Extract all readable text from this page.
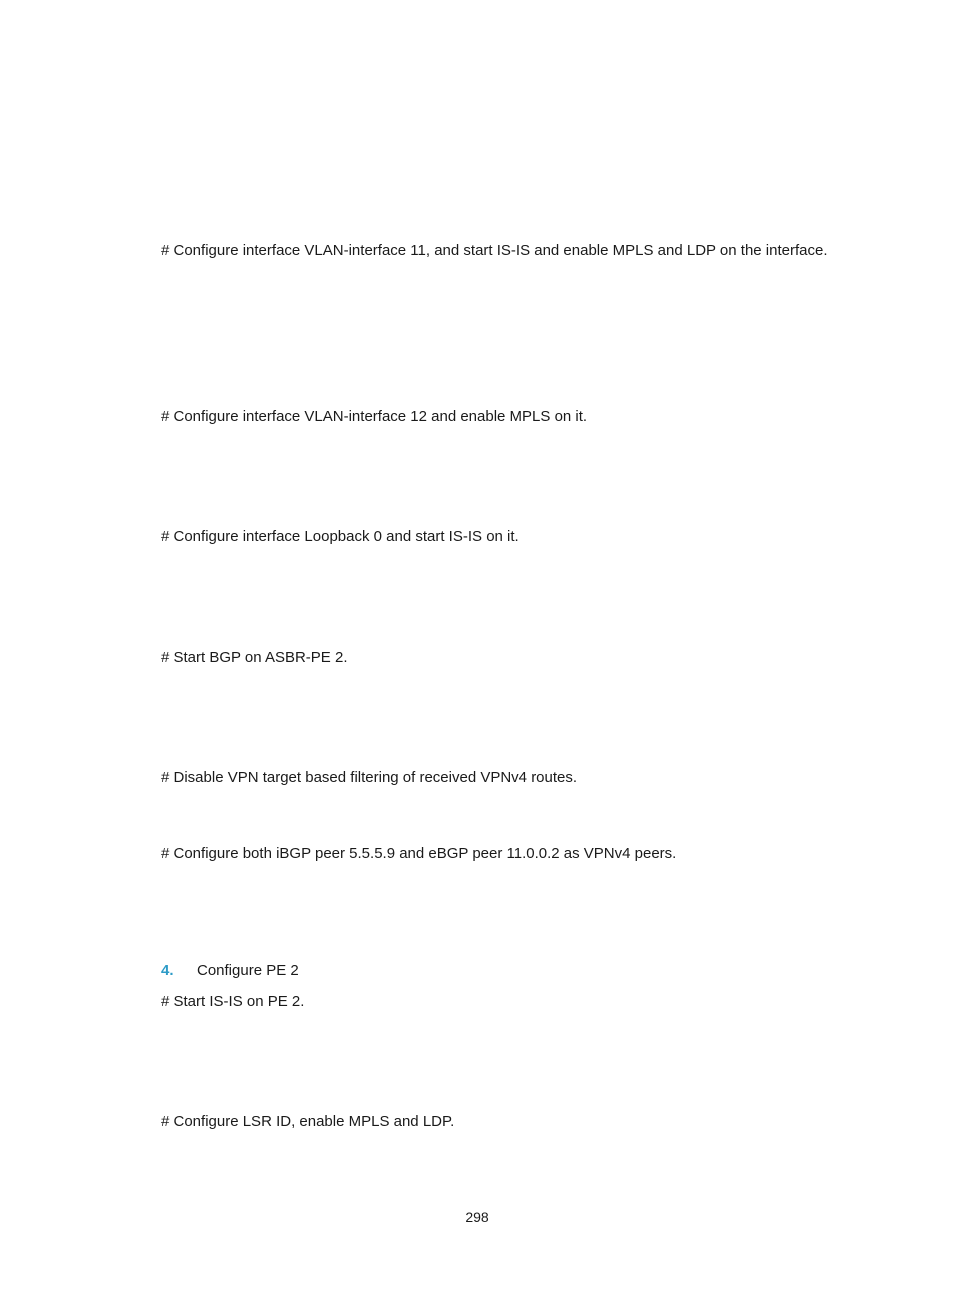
# Configure interface VLAN-interface 11, and start IS-IS and enable MPLS and LDP on the interface.
# Configure interface VLAN-interface 12 and enable MPLS on it.
# Configure interface Loopback 0 and start IS-IS on it.
# Start BGP on ASBR-PE 2.
# Disable VPN target based filtering of received VPNv4 routes.
# Configure both iBGP peer 5.5.5.9 and eBGP peer 11.0.0.2 as VPNv4 peers.
4. Configure PE 2
# Start IS-IS on PE 2.
# Configure LSR ID, enable MPLS and LDP.
298
